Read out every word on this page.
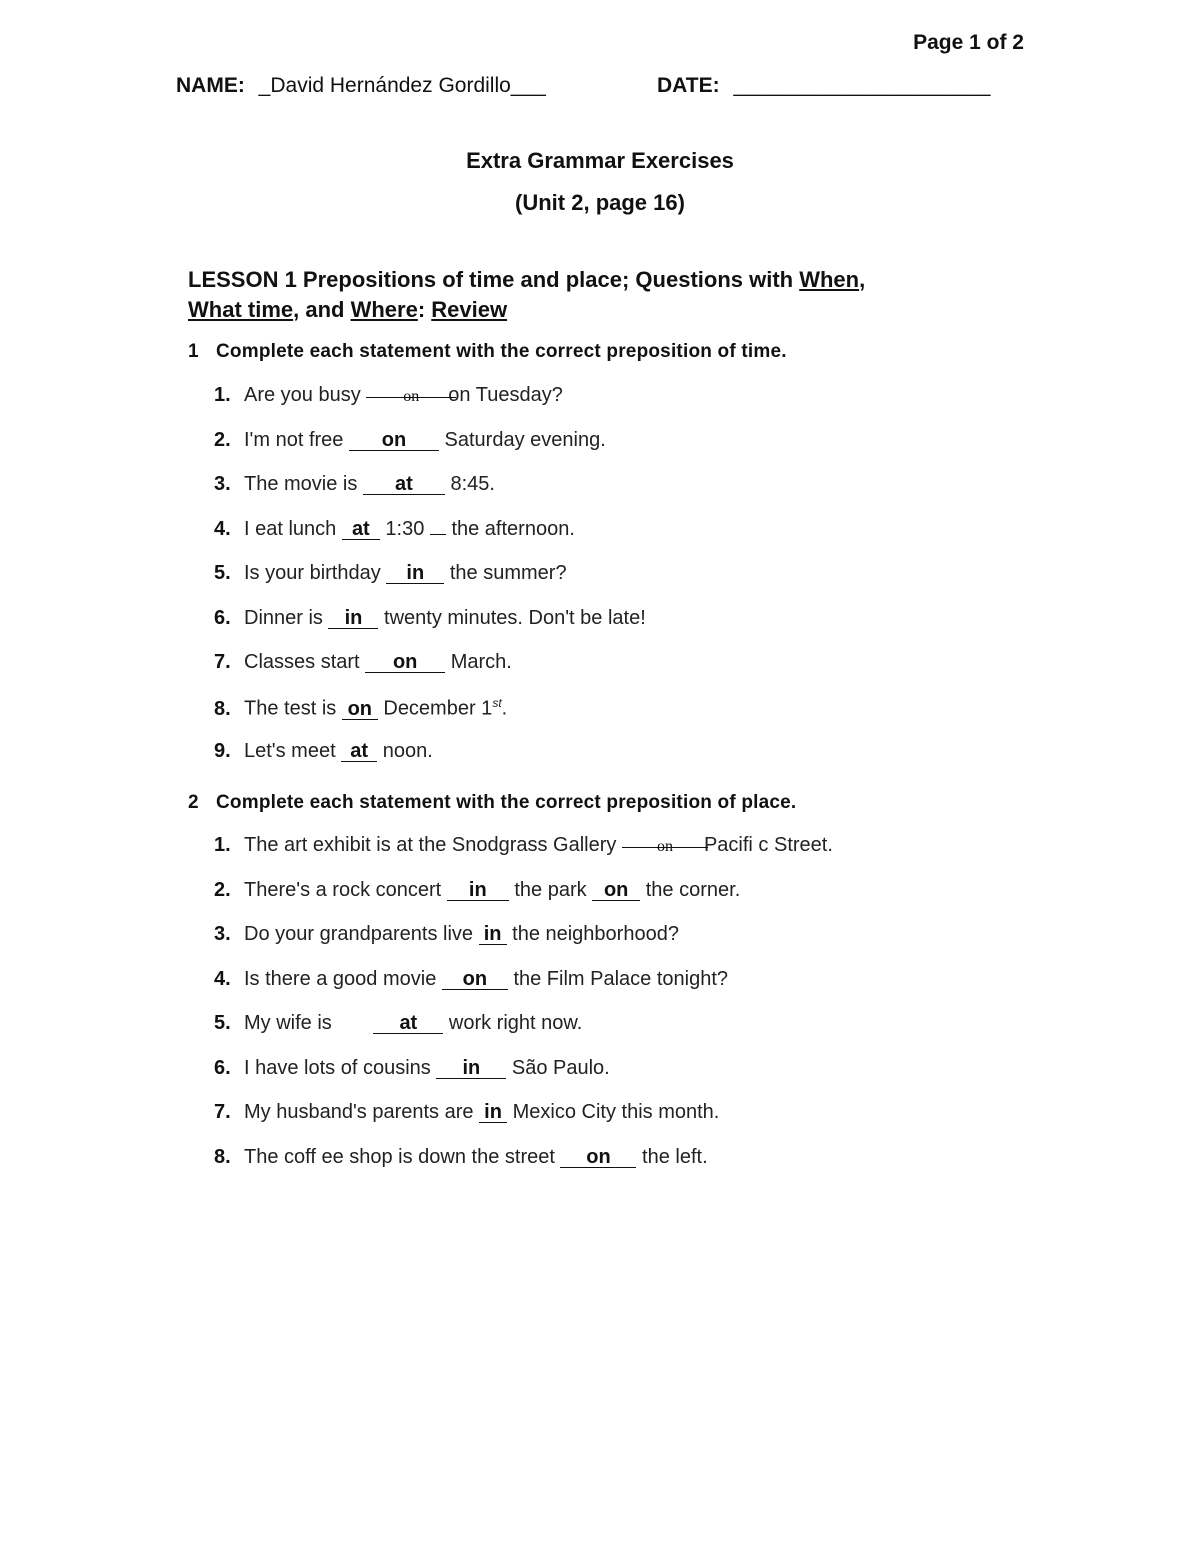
Page 1 of 2
NAME: _David Hernández Gordillo___	DATE: ______________________
Extra Grammar Exercises
(Unit 2, page 16)
LESSON 1 Prepositions of time and place; Questions with When,
What time, and Where: Review
1 Complete each statement with the correct preposition of time.
1. Are you busy on on Tuesday?
2. I'm not free on Saturday evening.
3. The movie is at 8:45.
4. I eat lunch at 1:30  the afternoon.
5. Is your birthday in the summer?
6. Dinner is in twenty minutes. Don't be late!
7. Classes start on March.
8. The test is on December 1st.
9. Let's meet at noon.
2 Complete each statement with the correct preposition of place.
1. The art exhibit is at the Snodgrass Gallery on Pacifi c Street.
2. There's a rock concert in the park on the corner.
3. Do your grandparents live in the neighborhood?
4. Is there a good movie on the Film Palace tonight?
5. My wife is	at work right now.
6. I have lots of cousins in São Paulo.
7. My husband's parents are in Mexico City this month.
8. The coff ee shop is down the street on the left.
